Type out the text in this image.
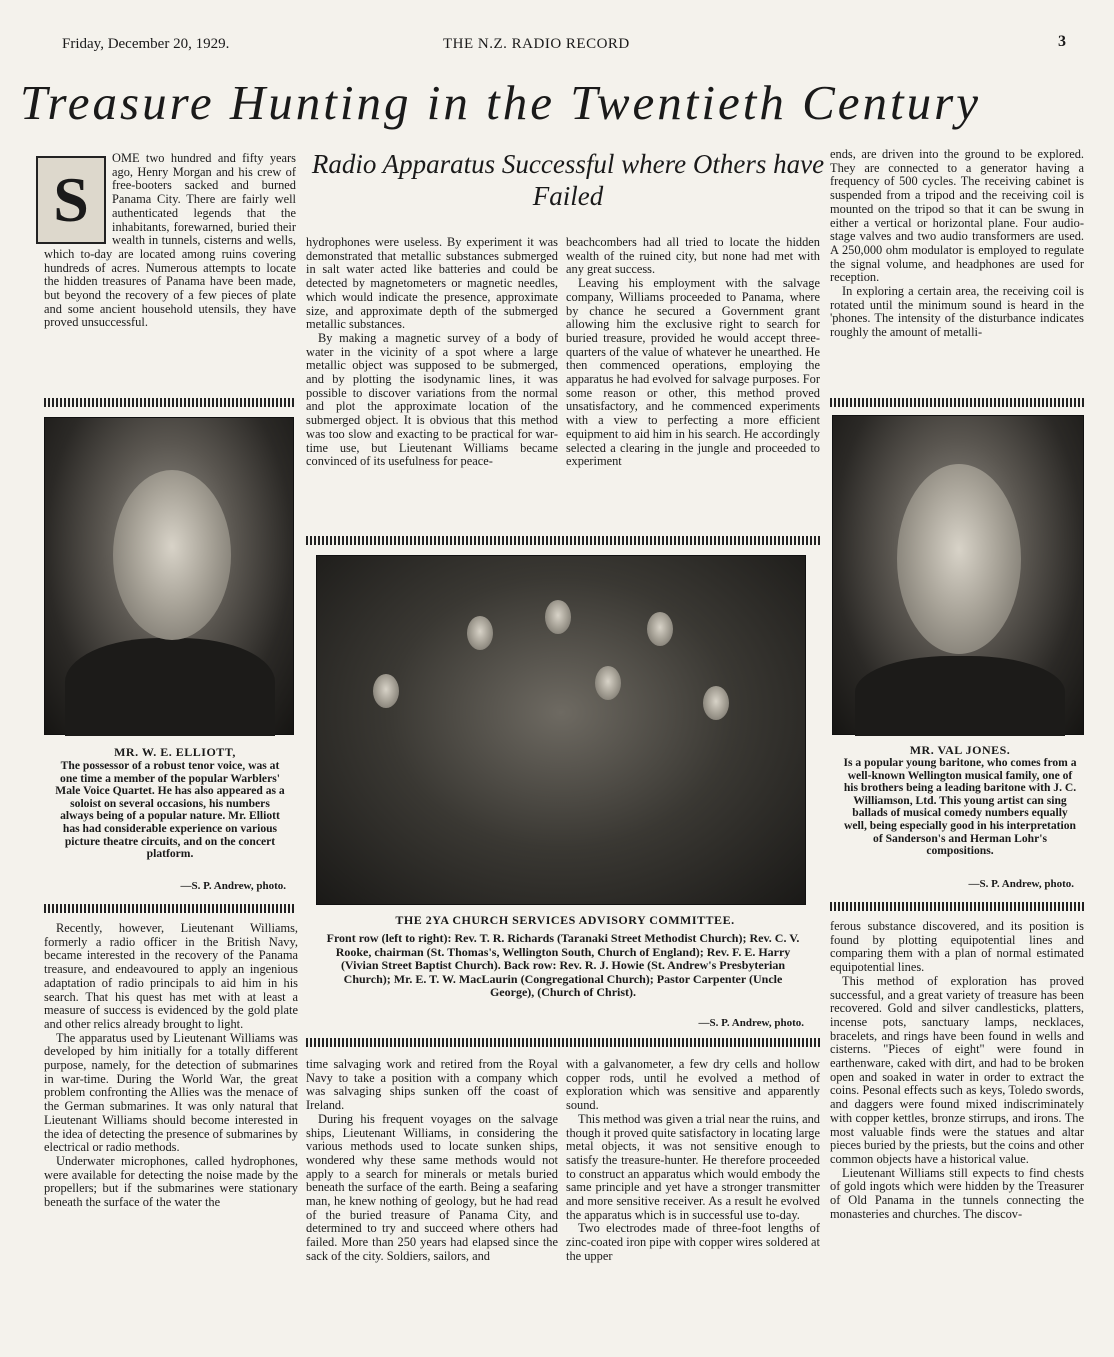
Friday, December 20, 1929.	THE N.Z. RADIO RECORD	3
Treasure Hunting in the Twentieth Century
Radio Apparatus Successful where Others have Failed
S
OME two hundred and fifty years ago, Henry Morgan and his crew of free-booters sacked and burned Panama City. There are fairly well authenticated legends that the inhabitants, forewarned, buried their wealth in tunnels, cisterns and wells, which to-day are located among ruins covering hundreds of acres. Numerous attempts to locate the hidden treasures of Panama have been made, but beyond the recovery of a few pieces of plate and some ancient household utensils, they have proved unsuccessful.
MR. W. E. ELLIOTT,
The possessor of a robust tenor voice, was at one time a member of the popular Warblers' Male Voice Quartet. He has also appeared as a soloist on several occasions, his numbers always being of a popular nature. Mr. Elliott has had considerable experience on various picture theatre circuits, and on the concert platform.
—S. P. Andrew, photo.

Recently, however, Lieutenant Williams, formerly a radio officer in the British Navy, became interested in the recovery of the Panama treasure, and endeavoured to apply an ingenious adaptation of radio principals to aid him in his search. That his quest has met with at least a measure of success is evidenced by the gold plate and other relics already brought to light.

The apparatus used by Lieutenant Williams was developed by him initially for a totally different purpose, namely, for the detection of submarines in war-time. During the World War, the great problem confronting the Allies was the menace of the German submarines. It was only natural that Lieutenant Williams should become interested in the idea of detecting the presence of submarines by electrical or radio methods.

Underwater microphones, called hydrophones, were available for detecting the noise made by the propellers; but if the submarines were stationary beneath the surface of the water the

hydrophones were useless. By experiment it was demonstrated that metallic substances submerged in salt water acted like batteries and could be detected by magnetometers or magnetic needles, which would indicate the presence, approximate size, and approximate depth of the submerged metallic substances.

By making a magnetic survey of a body of water in the vicinity of a spot where a large metallic object was supposed to be submerged, and by plotting the isodynamic lines, it was possible to discover variations from the normal and plot the approximate location of the submerged object. It is obvious that this method was too slow and exacting to be practical for war-time use, but Lieutenant Williams became convinced of its usefulness for peace-

beachcombers had all tried to locate the hidden wealth of the ruined city, but none had met with any great success.

Leaving his employment with the salvage company, Williams proceeded to Panama, where by chance he secured a Government grant allowing him the exclusive right to search for buried treasure, provided he would accept three-quarters of the value of whatever he unearthed. He then commenced operations, employing the apparatus he had evolved for salvage purposes. For some reason or other, this method proved unsatisfactory, and he commenced experiments with a view to perfecting a more efficient equipment to aid him in his search. He accordingly selected a clearing in the jungle and proceeded to experiment

ends, are driven into the ground to be explored. They are connected to a generator having a frequency of 500 cycles. The receiving cabinet is suspended from a tripod and the receiving coil is mounted on the tripod so that it can be swung in either a vertical or horizontal plane. Four audio-stage valves and two audio transformers are used. A 250,000 ohm modulator is employed to regulate the signal volume, and headphones are used for reception.

In exploring a certain area, the receiving coil is rotated until the minimum sound is heard in the 'phones. The intensity of the disturbance indicates roughly the amount of metalli-

MR. VAL JONES.
Is a popular young baritone, who comes from a well-known Wellington musical family, one of his brothers being a leading baritone with J. C. Williamson, Ltd. This young artist can sing ballads of musical comedy numbers equally well, being especially good in his interpretation of Sanderson's and Herman Lohr's compositions.
—S. P. Andrew, photo.
THE 2YA CHURCH SERVICES ADVISORY COMMITTEE.
Front row (left to right): Rev. T. R. Richards (Taranaki Street Methodist Church); Rev. C. V. Rooke, chairman (St. Thomas's, Wellington South, Church of England); Rev. F. E. Harry (Vivian Street Baptist Church). Back row: Rev. R. J. Howie (St. Andrew's Presbyterian Church); Mr. E. T. W. MacLaurin (Congregational Church); Pastor Carpenter (Uncle George), (Church of Christ).
—S. P. Andrew, photo.

time salvaging work and retired from the Royal Navy to take a position with a company which was salvaging ships sunken off the coast of Ireland.

During his frequent voyages on the salvage ships, Lieutenant Williams, in considering the various methods used to locate sunken ships, wondered why these same methods would not apply to a search for minerals or metals buried beneath the surface of the earth. Being a seafaring man, he knew nothing of geology, but he had read of the buried treasure of Panama City, and determined to try and succeed where others had failed. More than 250 years had elapsed since the sack of the city. Soldiers, sailors, and

with a galvanometer, a few dry cells and hollow copper rods, until he evolved a method of exploration which was sensitive and apparently sound.

This method was given a trial near the ruins, and though it proved quite satisfactory in locating large metal objects, it was not sensitive enough to satisfy the treasure-hunter. He therefore proceeded to construct an apparatus which would embody the same principle and yet have a stronger transmitter and more sensitive receiver. As a result he evolved the apparatus which is in successful use to-day.

Two electrodes made of three-foot lengths of zinc-coated iron pipe with copper wires soldered at the upper

ferous substance discovered, and its position is found by plotting equipotential lines and comparing them with a plan of normal estimated equipotential lines.

This method of exploration has proved successful, and a great variety of treasure has been recovered. Gold and silver candlesticks, platters, incense pots, sanctuary lamps, necklaces, bracelets, and rings have been found in wells and cisterns. "Pieces of eight" were found in earthenware, caked with dirt, and had to be broken open and soaked in water in order to extract the coins. Pesonal effects such as keys, Toledo swords, and daggers were found mixed indiscriminately with copper kettles, bronze stirrups, and irons. The most valuable finds were the statues and altar pieces buried by the priests, but the coins and other common objects have a historical value.

Lieutenant Williams still expects to find chests of gold ingots which were hidden by the Treasurer of Old Panama in the tunnels connecting the monasteries and churches. The discov-
